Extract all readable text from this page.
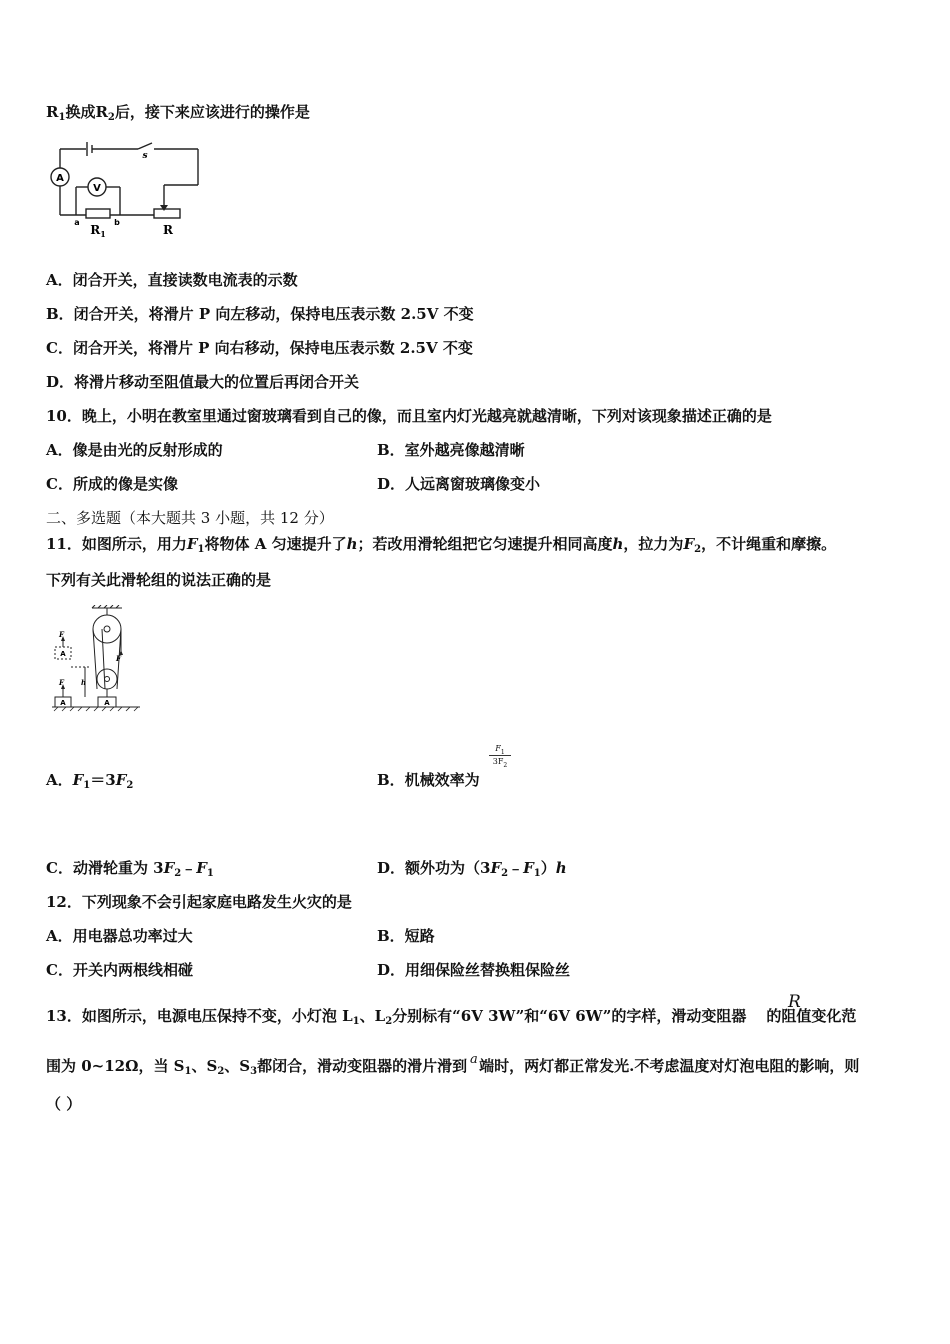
$R_1$换成$R_2$后，接下来应该进行的操作是
A
V
s
a	b
$R_1$	R
A．闭合开关，直接读数电流表的示数
B．闭合开关，将滑片 P 向左移动，保持电压表示数 2.5V 不变
C．闭合开关，将滑片 P 向右移动，保持电压表示数 2.5V 不变
D．将滑片移动至阻值最大的位置后再闭合开关
10．晚上，小明在教室里通过窗玻璃看到自己的像，而且室内灯光越亮就越清晰，下列对该现象描述正确的是
A．像是由光的反射形成的	B．室外越亮像越清晰
C．所成的像是实像	D．人远离窗玻璃像变小
二、多选题（本大题共 3 小题，共 12 分）
11．如图所示，用力$F_1$将物体 A 匀速提升了h；若改用滑轮组把它匀速提升相同高度h，拉力为$F_2$，不计绳重和摩擦。
下列有关此滑轮组的说法正确的是
F
F
F
A
A	A
h
A．$F_1=3F_2$	B．机械效率为
$F_1$
$3F_2$
C．动滑轮重为 $3F_2﹣F_1$	D．额外功为$(3F_2﹣F_1)h$
12．下列现象不会引起家庭电路发生火灾的是
A．用电器总功率过大	B．短路
C．开关内两根线相碰	D．用细保险丝替换粗保险丝
13．如图所示，电源电压保持不变，小灯泡 $L_1$、$L_2$分别标有“6V 3W”和“6V 6W”的字样，滑动变阻器 的阻值变化范
R
围为 0~12Ω，当 $S_1$、$S_2$、$S_3$都闭合，滑动变阻器的滑片滑到 端时，两灯都正常发光.不考虑温度对灯泡电阻的影响，则
a
（ ）
